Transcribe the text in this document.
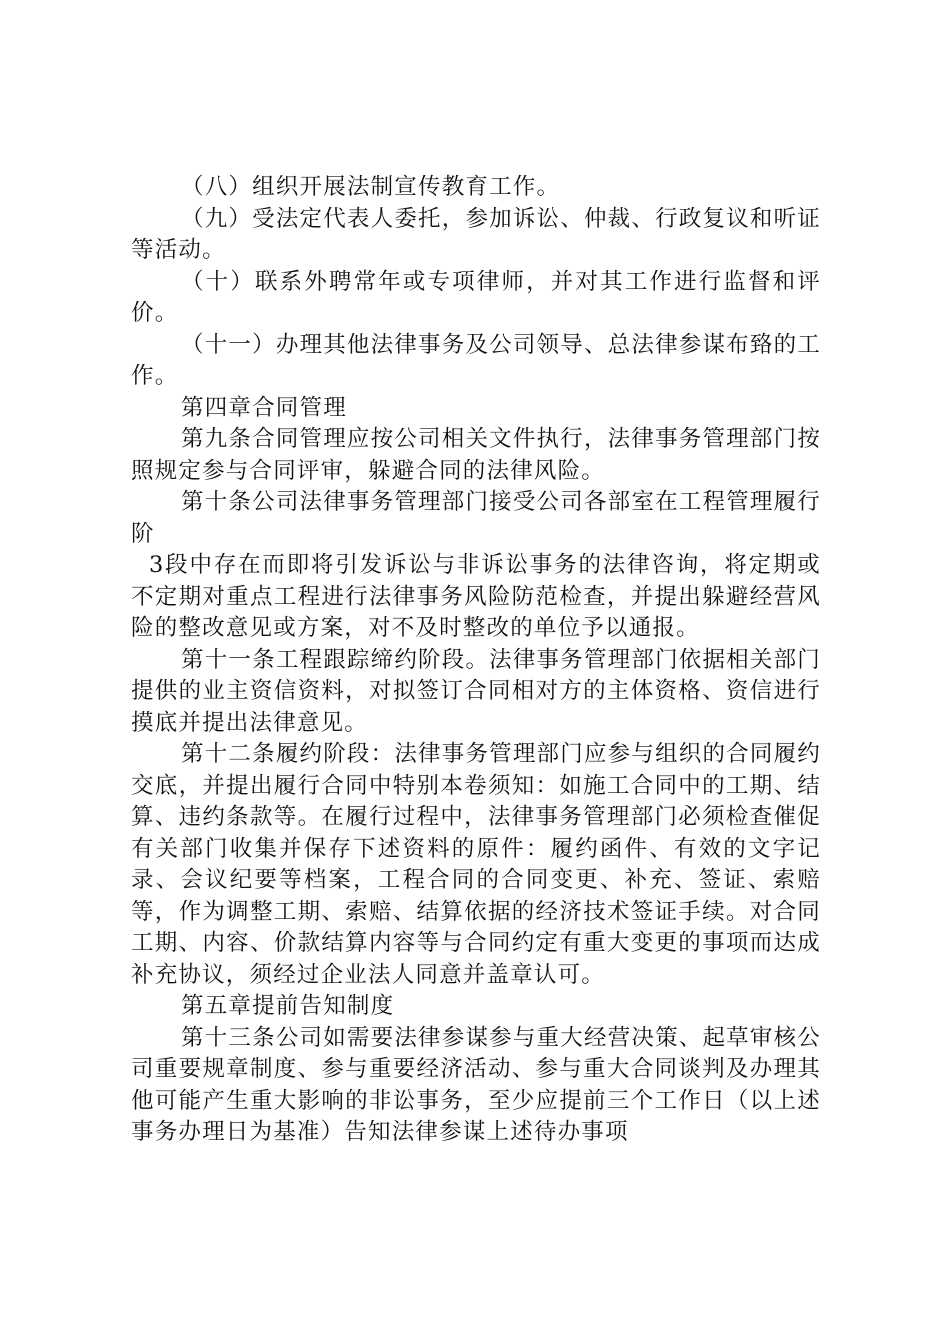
（八）组织开展法制宣传教育工作。

（九）受法定代表人委托，参加诉讼、仲裁、行政复议和听证等活动。

（十）联系外聘常年或专项律师，并对其工作进行监督和评价。

（十一）办理其他法律事务及公司领导、总法律参谋布臵的工作。

第四章合同管理

第九条合同管理应按公司相关文件执行，法律事务管理部门按照规定参与合同评审，躲避合同的法律风险。

第十条公司法律事务管理部门接受公司各部室在工程管理履行阶

3段中存在而即将引发诉讼与非诉讼事务的法律咨询，将定期或不定期对重点工程进行法律事务风险防范检查，并提出躲避经营风险的整改意见或方案，对不及时整改的单位予以通报。

第十一条工程跟踪缔约阶段。法律事务管理部门依据相关部门提供的业主资信资料，对拟签订合同相对方的主体资格、资信进行摸底并提出法律意见。

第十二条履约阶段：法律事务管理部门应参与组织的合同履约交底，并提出履行合同中特别本卷须知：如施工合同中的工期、结算、违约条款等。在履行过程中，法律事务管理部门必须检查催促有关部门收集并保存下述资料的原件：履约函件、有效的文字记录、会议纪要等档案，工程合同的合同变更、补充、签证、索赔等，作为调整工期、索赔、结算依据的经济技术签证手续。对合同工期、内容、价款结算内容等与合同约定有重大变更的事项而达成补充协议，须经过企业法人同意并盖章认可。

第五章提前告知制度

第十三条公司如需要法律参谋参与重大经营决策、起草审核公司重要规章制度、参与重要经济活动、参与重大合同谈判及办理其他可能产生重大影响的非讼事务，至少应提前三个工作日（以上述事务办理日为基准）告知法律参谋上述待办事项
